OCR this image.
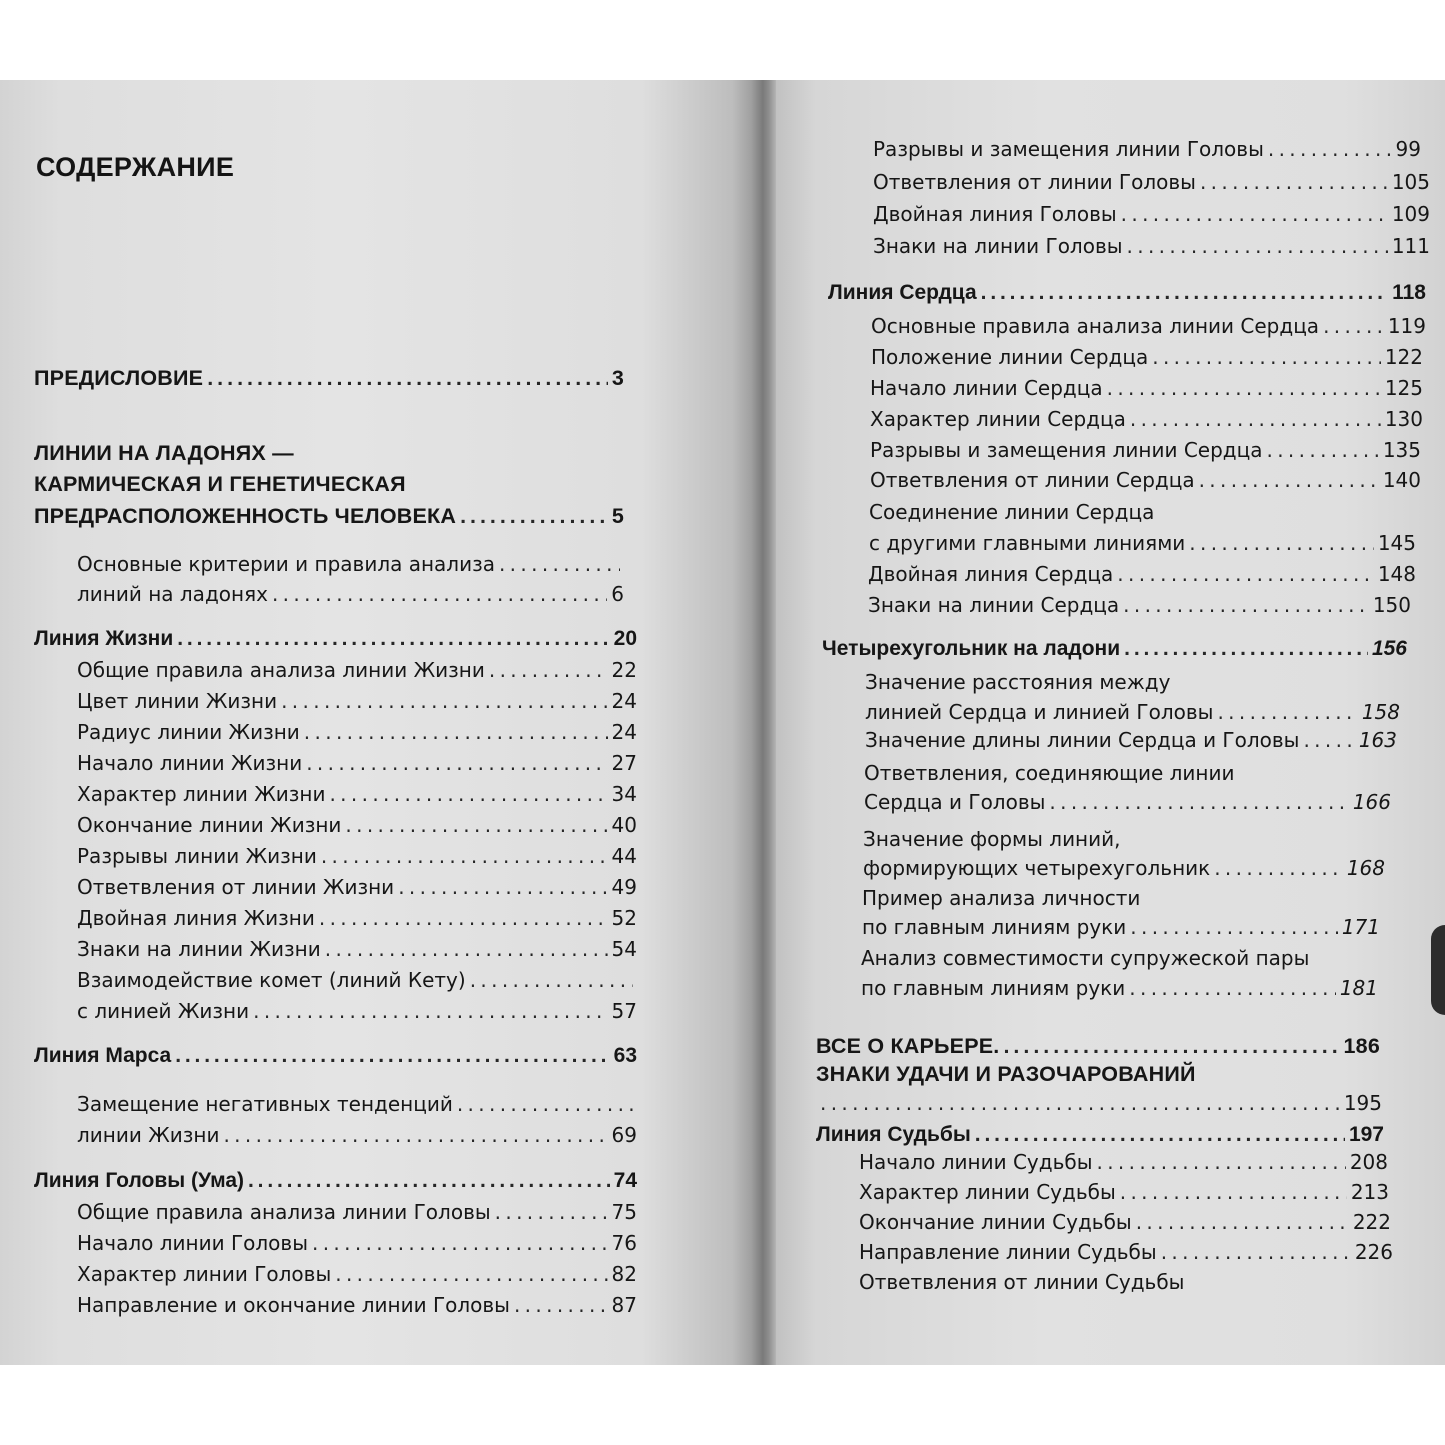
СОДЕРЖАНИЕ
ПРЕДИСЛОВИЕ . . .	3
ЛИНИИ НА ЛАДОНЯХ —
КАРМИЧЕСКАЯ И ГЕНЕТИЧЕСКАЯ
ПРЕДРАСПОЛОЖЕННОСТЬ ЧЕЛОВЕКА . . .	5
Основные критерии и правила анализа
. . .
линий на ладонях . . .	6
Линия Жизни . . .	20
Общие правила анализа линии Жизни . . .	22
Цвет линии Жизни . . .	24
Радиус линии Жизни . . .	24
Начало линии Жизни . . .	27
Характер линии Жизни . . .	34
Окончание линии Жизни . . .	40
Разрывы линии Жизни . . .	44
Ответвления от линии Жизни . . .	49
Двойная линия Жизни . . .	52
Знаки на линии Жизни . . .	54
Взаимодействие комет (линий Кету)
. . .
с линией Жизни . . .	57
Линия Марса . . .	63
Замещение негативных тенденций
. . .
линии Жизни . . .	69
Линия Головы (Ума) . . .	74
Общие правила анализа линии Головы . . .	75
Начало линии Головы . . .	76
Характер линии Головы . . .	82
Направление и окончание линии Головы . . .	87
Разрывы и замещения линии Головы . . .	99
Ответвления от линии Головы . . .	105
Двойная линия Головы . . .	109
Знаки на линии Головы . . .	111
Линия Сердца . . .	118
Основные правила анализа линии Сердца . . .	119
Положение линии Сердца . . .	122
Начало линии Сердца . . .	125
Характер линии Сердца . . .	130
Разрывы и замещения линии Сердца . . .	135
Ответвления от линии Сердца . . .	140
Соединение линии Сердца
с другими главными линиями . . .	145
Двойная линия Сердца . . .	148
Знаки на линии Сердца . . .	150
Четырехугольник на ладони . . .	156
Значение расстояния между
линией Сердца и линией Головы . . .	158
Значение длины линии Сердца и Головы . . .	163
Ответвления, соединяющие линии
Сердца и Головы . . .	166
Значение формы линий,
формирующих четырехугольник . . .	168
Пример анализа личности
по главным линиям руки . . .	171
Анализ совместимости супружеской пары
по главным линиям руки . . .	181
ВСЕ О КАРЬЕРЕ. . . .	186
ЗНАКИ УДАЧИ И РАЗОЧАРОВАНИЙ
. . .
195
Линия Судьбы . . .	197
Начало линии Судьбы . . .	208
Характер линии Судьбы . . .	213
Окончание линии Судьбы . . .	222
Направление линии Судьбы . . .	226
Ответвления от линии Судьбы
